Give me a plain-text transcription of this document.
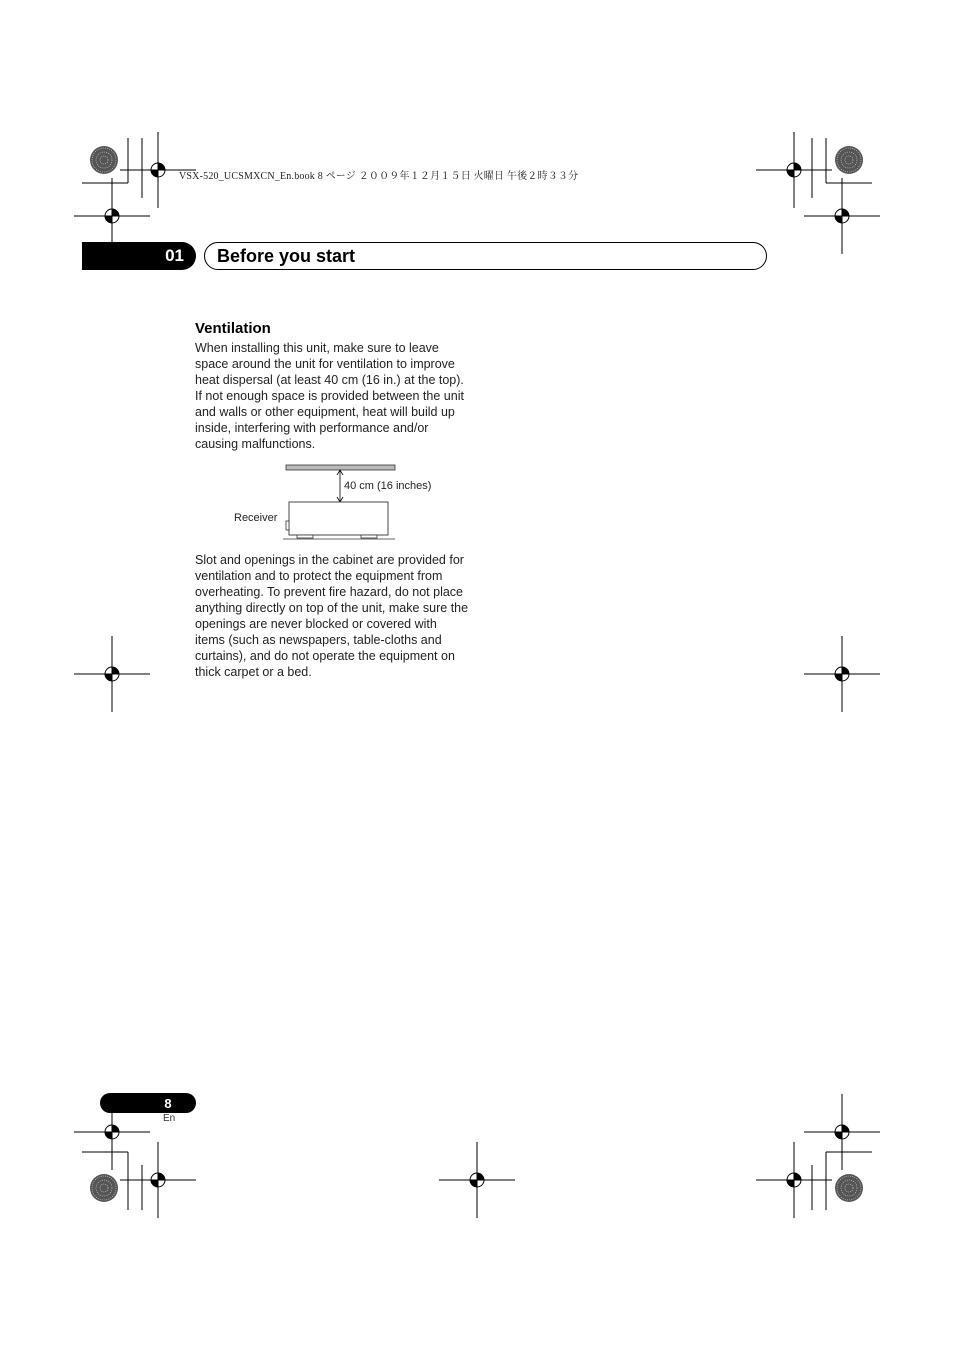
VSX-520_UCSMXCN_En.book 8 ページ ２００９年１２月１５日 火曜日 午後２時３３分
01	Before you start
Ventilation
When installing this unit, make sure to leave space around the unit for ventilation to improve heat dispersal (at least 40 cm (16 in.) at the top). If not enough space is provided between the unit and walls or other equipment, heat will build up inside, interfering with performance and/or causing malfunctions.
40 cm (16 inches)
Receiver
Slot and openings in the cabinet are provided for ventilation and to protect the equipment from overheating. To prevent fire hazard, do not place anything directly on top of the unit, make sure the openings are never blocked or covered with items (such as newspapers, table-cloths and curtains), and do not operate the equipment on thick carpet or a bed.
8
En
